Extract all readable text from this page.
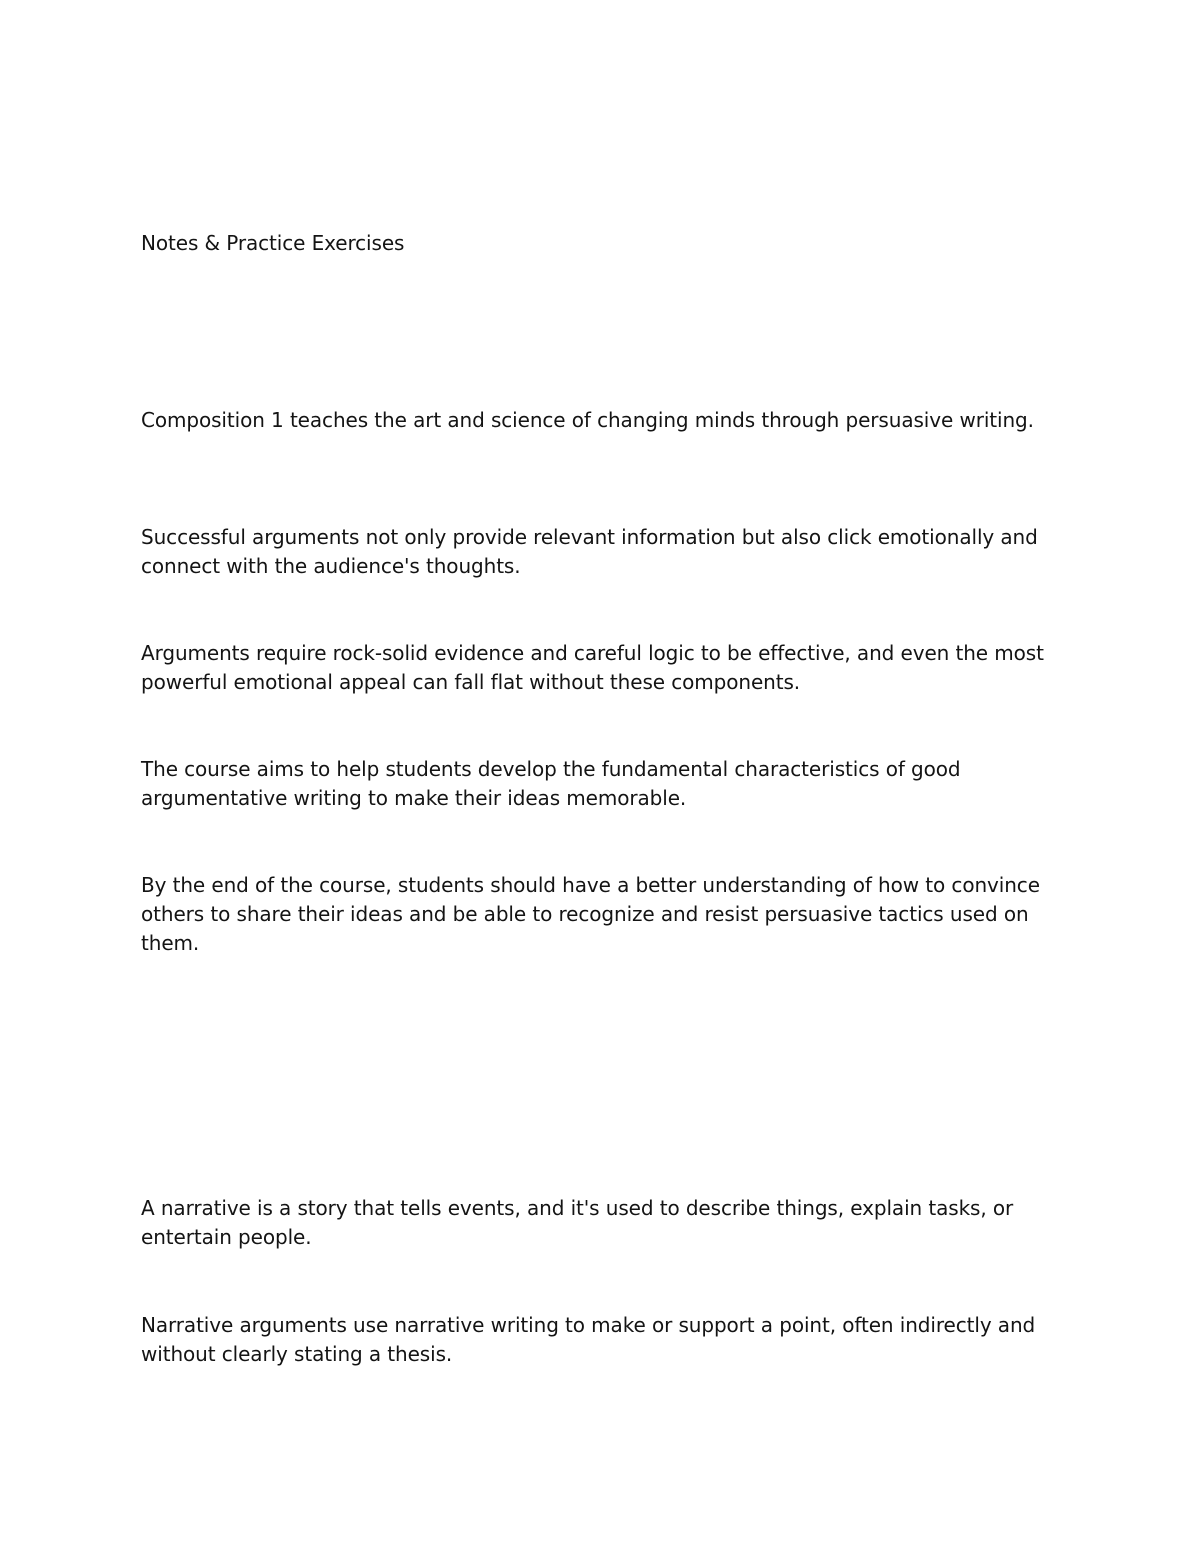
Notes & Practice Exercises

Composition 1 teaches the art and science of changing minds through persuasive writing.

Successful arguments not only provide relevant information but also click emotionally and connect with the audience's thoughts.

Arguments require rock-solid evidence and careful logic to be effective, and even the most powerful emotional appeal can fall flat without these components.

The course aims to help students develop the fundamental characteristics of good argumentative writing to make their ideas memorable.

By the end of the course, students should have a better understanding of how to convince others to share their ideas and be able to recognize and resist persuasive tactics used on them.

A narrative is a story that tells events, and it's used to describe things, explain tasks, or entertain people.

Narrative arguments use narrative writing to make or support a point, often indirectly and without clearly stating a thesis.
